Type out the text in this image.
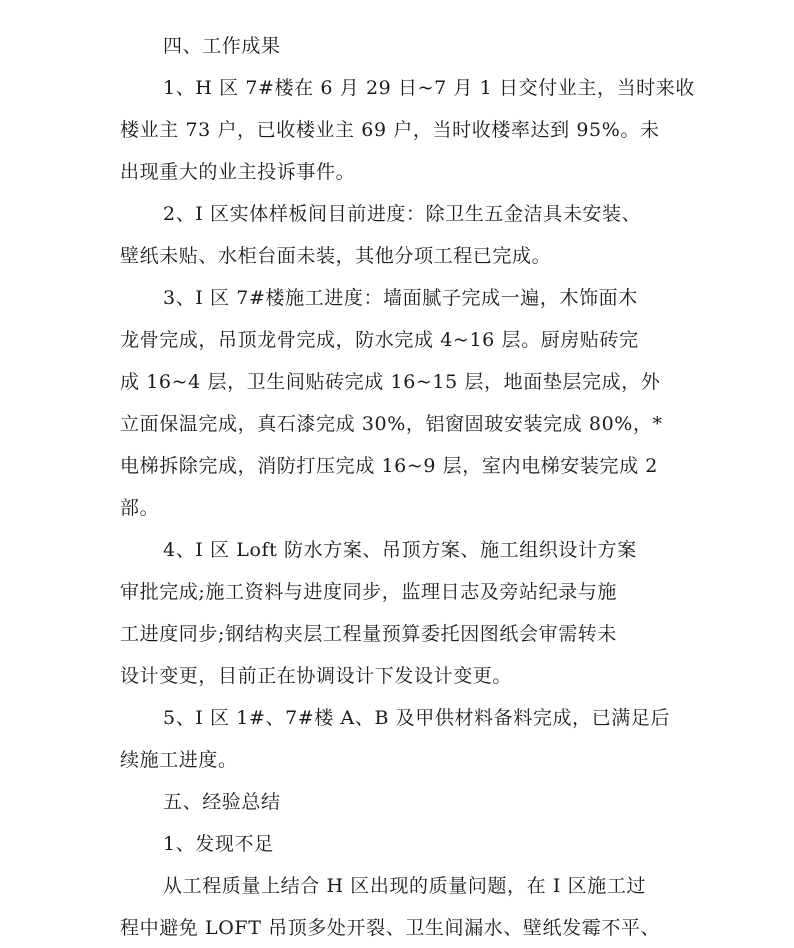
四、工作成果
1、H 区 7#楼在 6 月 29 日~7 月 1 日交付业主，当时来收
楼业主 73 户，已收楼业主 69 户，当时收楼率达到 95%。未
出现重大的业主投诉事件。
2、I 区实体样板间目前进度：除卫生五金洁具未安装、
壁纸未贴、水柜台面未装，其他分项工程已完成。
3、I 区 7#楼施工进度：墙面腻子完成一遍，木饰面木
龙骨完成，吊顶龙骨完成，防水完成 4~16 层。厨房贴砖完
成 16~4 层，卫生间贴砖完成 16~15 层，地面垫层完成，外
立面保温完成，真石漆完成 30%，铝窗固玻安装完成 80%，*
电梯拆除完成，消防打压完成 16~9 层，室内电梯安装完成 2
部。
4、I 区 Loft 防水方案、吊顶方案、施工组织设计方案
审批完成;施工资料与进度同步，监理日志及旁站纪录与施
工进度同步;钢结构夹层工程量预算委托因图纸会审需转未
设计变更，目前正在协调设计下发设计变更。
5、I 区 1#、7#楼 A、B 及甲供材料备料完成，已满足后
续施工进度。
五、经验总结
1、发现不足
从工程质量上结合 H 区出现的质量问题，在 I 区施工过
程中避免 LOFT 吊顶多处开裂、卫生间漏水、壁纸发霉不平、
